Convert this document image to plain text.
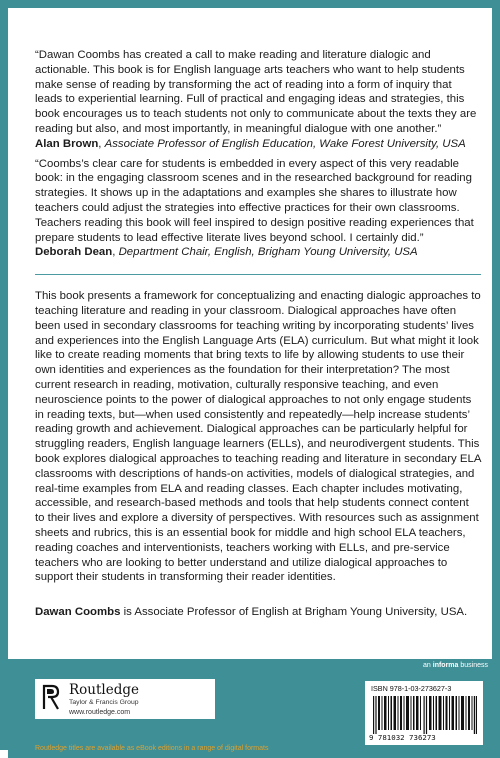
“Dawan Coombs has created a call to make reading and literature dialogic and actionable. This book is for English language arts teachers who want to help students make sense of reading by transforming the act of reading into a form of inquiry that leads to experiential learning. Full of practical and engaging ideas and strategies, this book encourages us to teach students not only to communicate about the texts they are reading but also, and most importantly, in meaningful dialogue with one another.”

Alan Brown, Associate Professor of English Education, Wake Forest University, USA

“Coombs’s clear care for students is embedded in every aspect of this very readable book: in the engaging classroom scenes and in the researched background for reading strategies. It shows up in the adaptations and examples she shares to illustrate how teachers could adjust the strategies into effective practices for their own classrooms. Teachers reading this book will feel inspired to design positive reading experiences that prepare students to lead effective literate lives beyond school. I certainly did.”

Deborah Dean, Department Chair, English, Brigham Young University, USA

This book presents a framework for conceptualizing and enacting dialogic approaches to teaching literature and reading in your classroom. Dialogical approaches have often been used in secondary classrooms for teaching writing by incorporating students’ lives and experiences into the English Language Arts (ELA) curriculum. But what might it look like to create reading moments that bring texts to life by allowing students to use their own identities and experiences as the foundation for their interpretation? The most current research in reading, motivation, culturally responsive teaching, and even neuroscience points to the power of dialogical approaches to not only engage students in reading texts, but—when used consistently and repeatedly—help increase students’ reading growth and achievement. Dialogical approaches can be particularly helpful for struggling readers, English language learners (ELLs), and neurodivergent students. This book explores dialogical approaches to teaching reading and literature in secondary ELA classrooms with descriptions of hands-on activities, models of dialogical strategies, and real-time examples from ELA and reading classes. Each chapter includes motivating, accessible, and research-based methods and tools that help students connect content to their lives and explore a diversity of perspectives. With resources such as assignment sheets and rubrics, this is an essential book for middle and high school ELA teachers, reading coaches and interventionists, teachers working with ELLs, and pre-service teachers who are looking to better understand and utilize dialogical approaches to support their students in transforming their reader identities.

Dawan Coombs is Associate Professor of English at Brigham Young University, USA.

an informa business
Routledge
Taylor & Francis Group
www.routledge.com
Routledge titles are available as eBook editions in a range of digital formats
ISBN 978-1-03-273627-3
9 781032 736273
